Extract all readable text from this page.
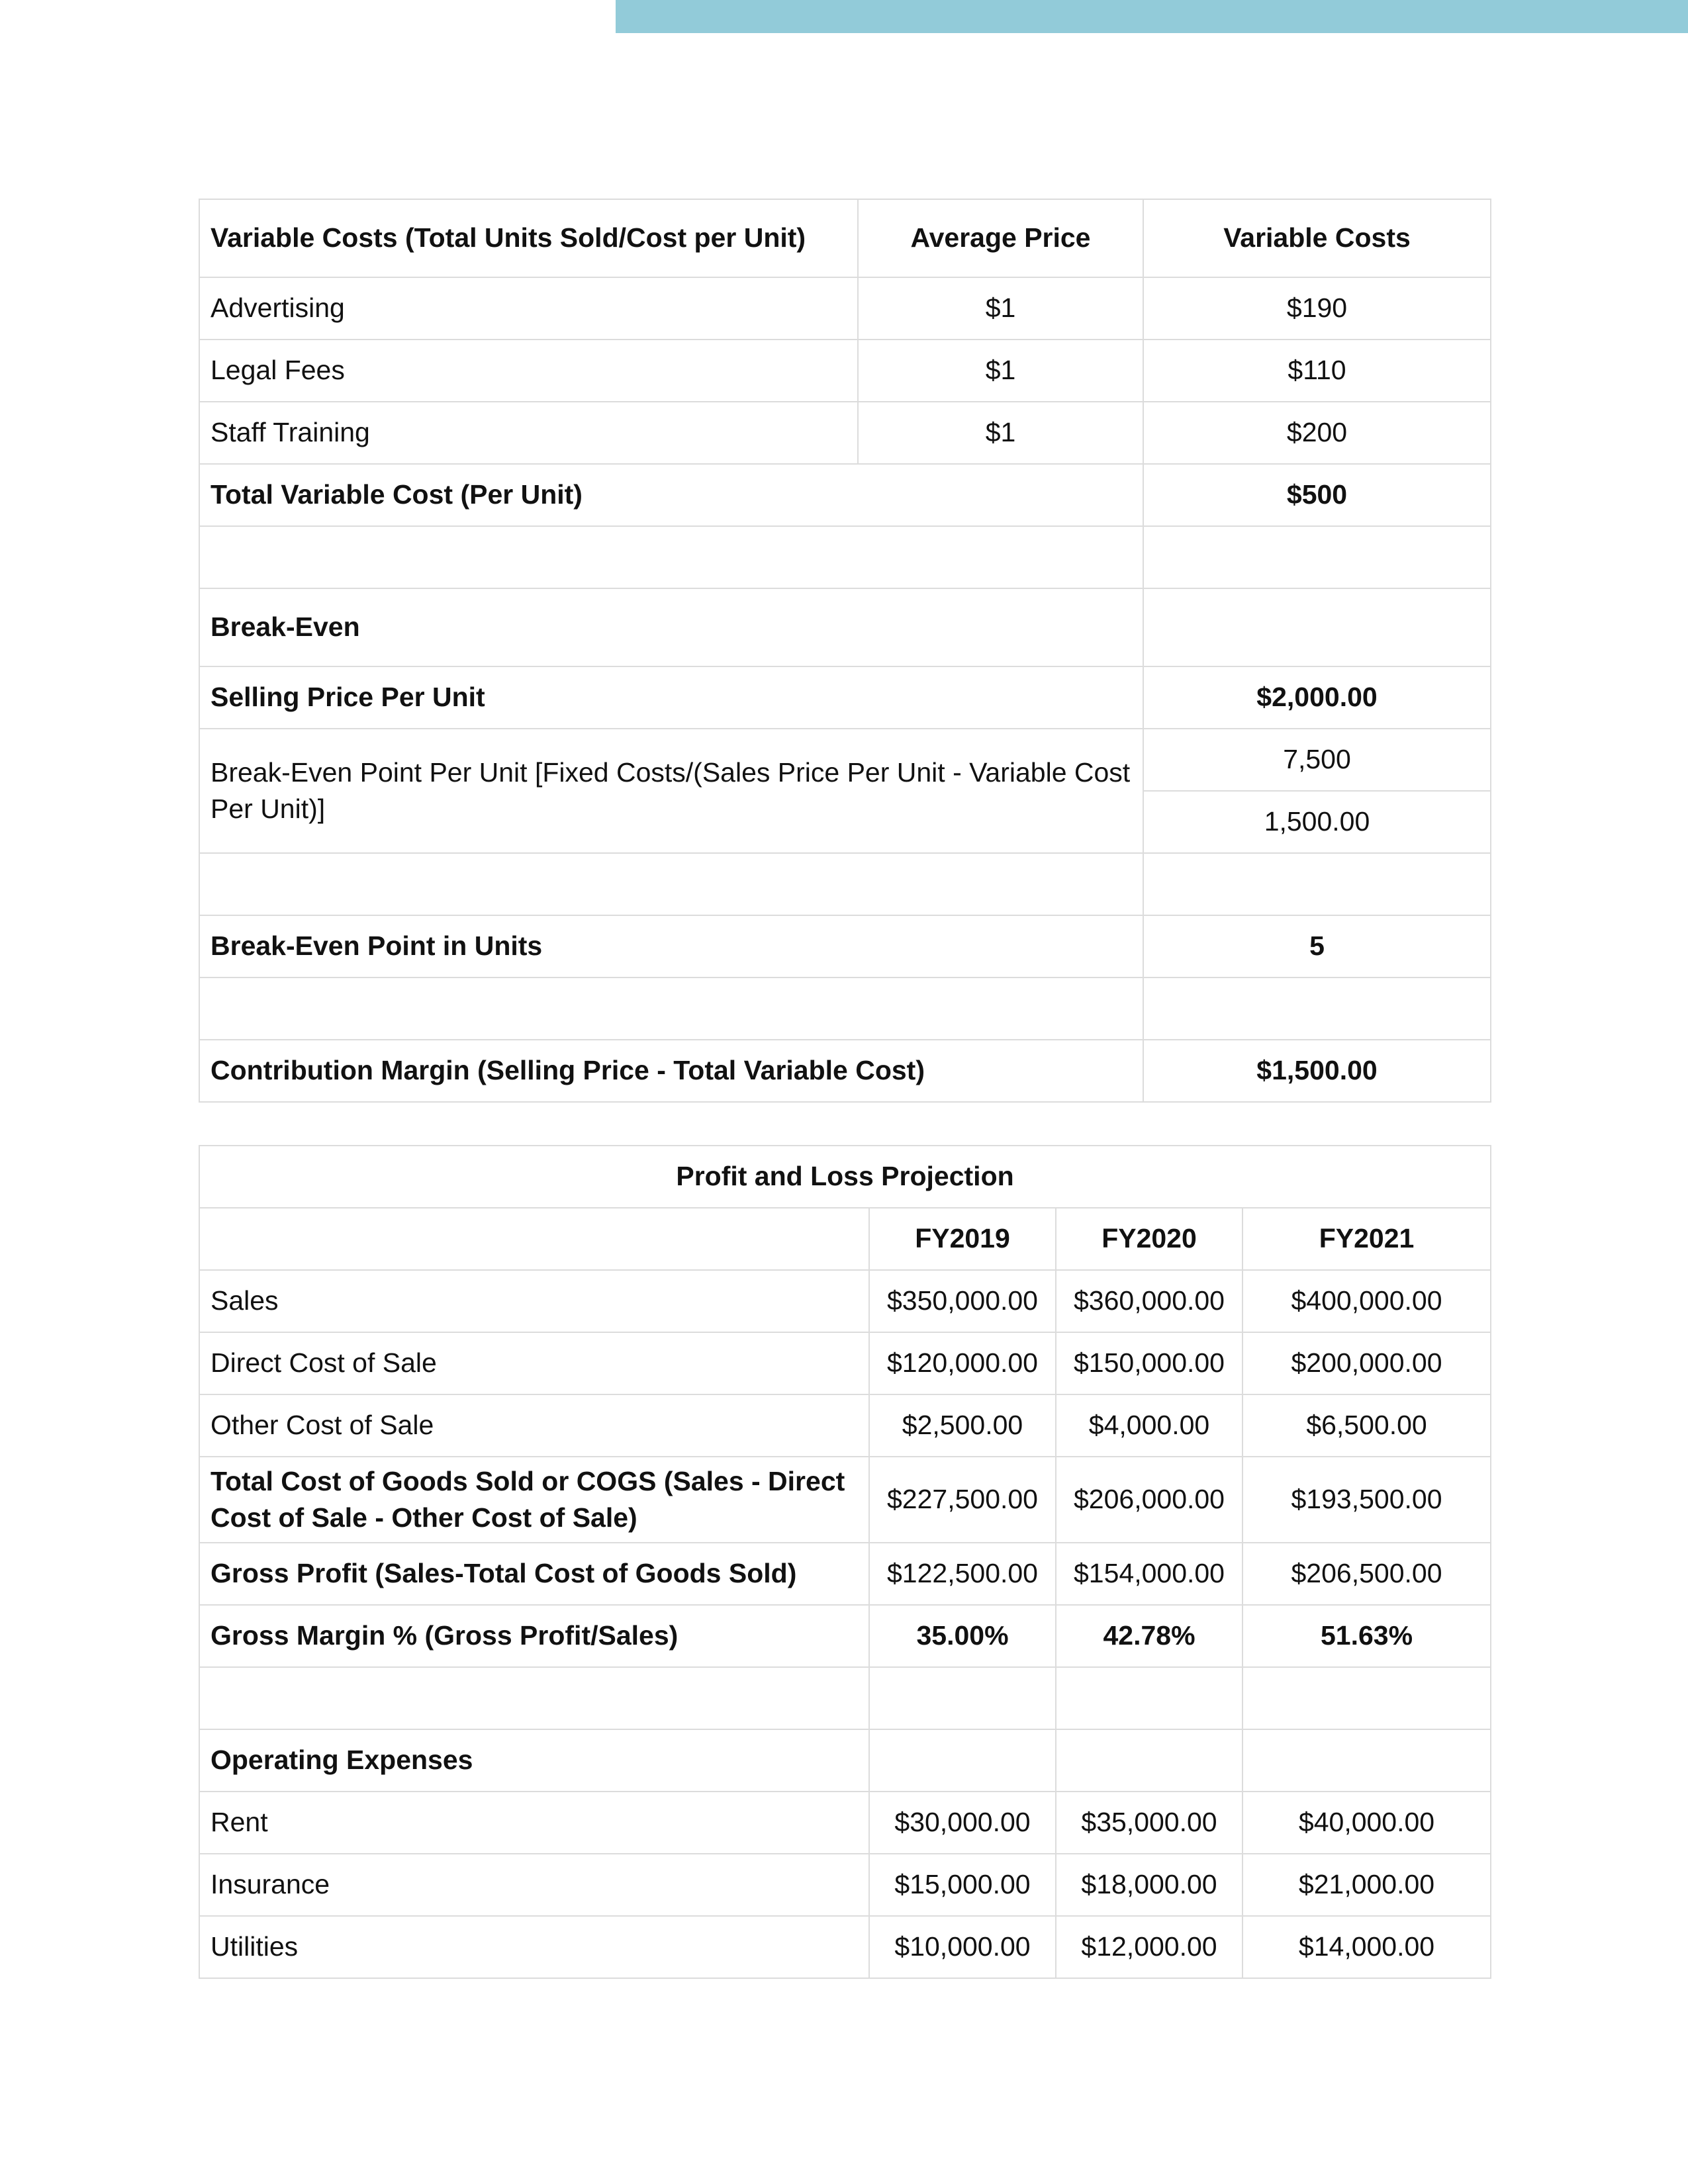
Variable Costs (Total Units Sold/Cost per Unit)	Average Price	Variable Costs
Advertising	$1	$190
Legal Fees	$1	$110
Staff Training	$1	$200
Total Variable Cost (Per Unit)		$500

Break-Even		
Selling Price Per Unit		$2,000.00
Break-Even Point Per Unit [Fixed Costs/(Sales Price Per Unit - Variable Cost Per Unit)]		7,500
		1,500.00

Break-Even Point in Units		5

Contribution Margin (Selling Price - Total Variable Cost)		$1,500.00
Profit and Loss Projection			
	FY2019	FY2020	FY2021
Sales	$350,000.00	$360,000.00	$400,000.00
Direct Cost of Sale	$120,000.00	$150,000.00	$200,000.00
Other Cost of Sale	$2,500.00	$4,000.00	$6,500.00
Total Cost of Goods Sold or COGS (Sales - Direct Cost of Sale - Other Cost of Sale)	$227,500.00	$206,000.00	$193,500.00
Gross Profit (Sales-Total Cost of Goods Sold)	$122,500.00	$154,000.00	$206,500.00
Gross Margin % (Gross Profit/Sales)	35.00%	42.78%	51.63%

Operating Expenses			
Rent	$30,000.00	$35,000.00	$40,000.00
Insurance	$15,000.00	$18,000.00	$21,000.00
Utilities	$10,000.00	$12,000.00	$14,000.00
